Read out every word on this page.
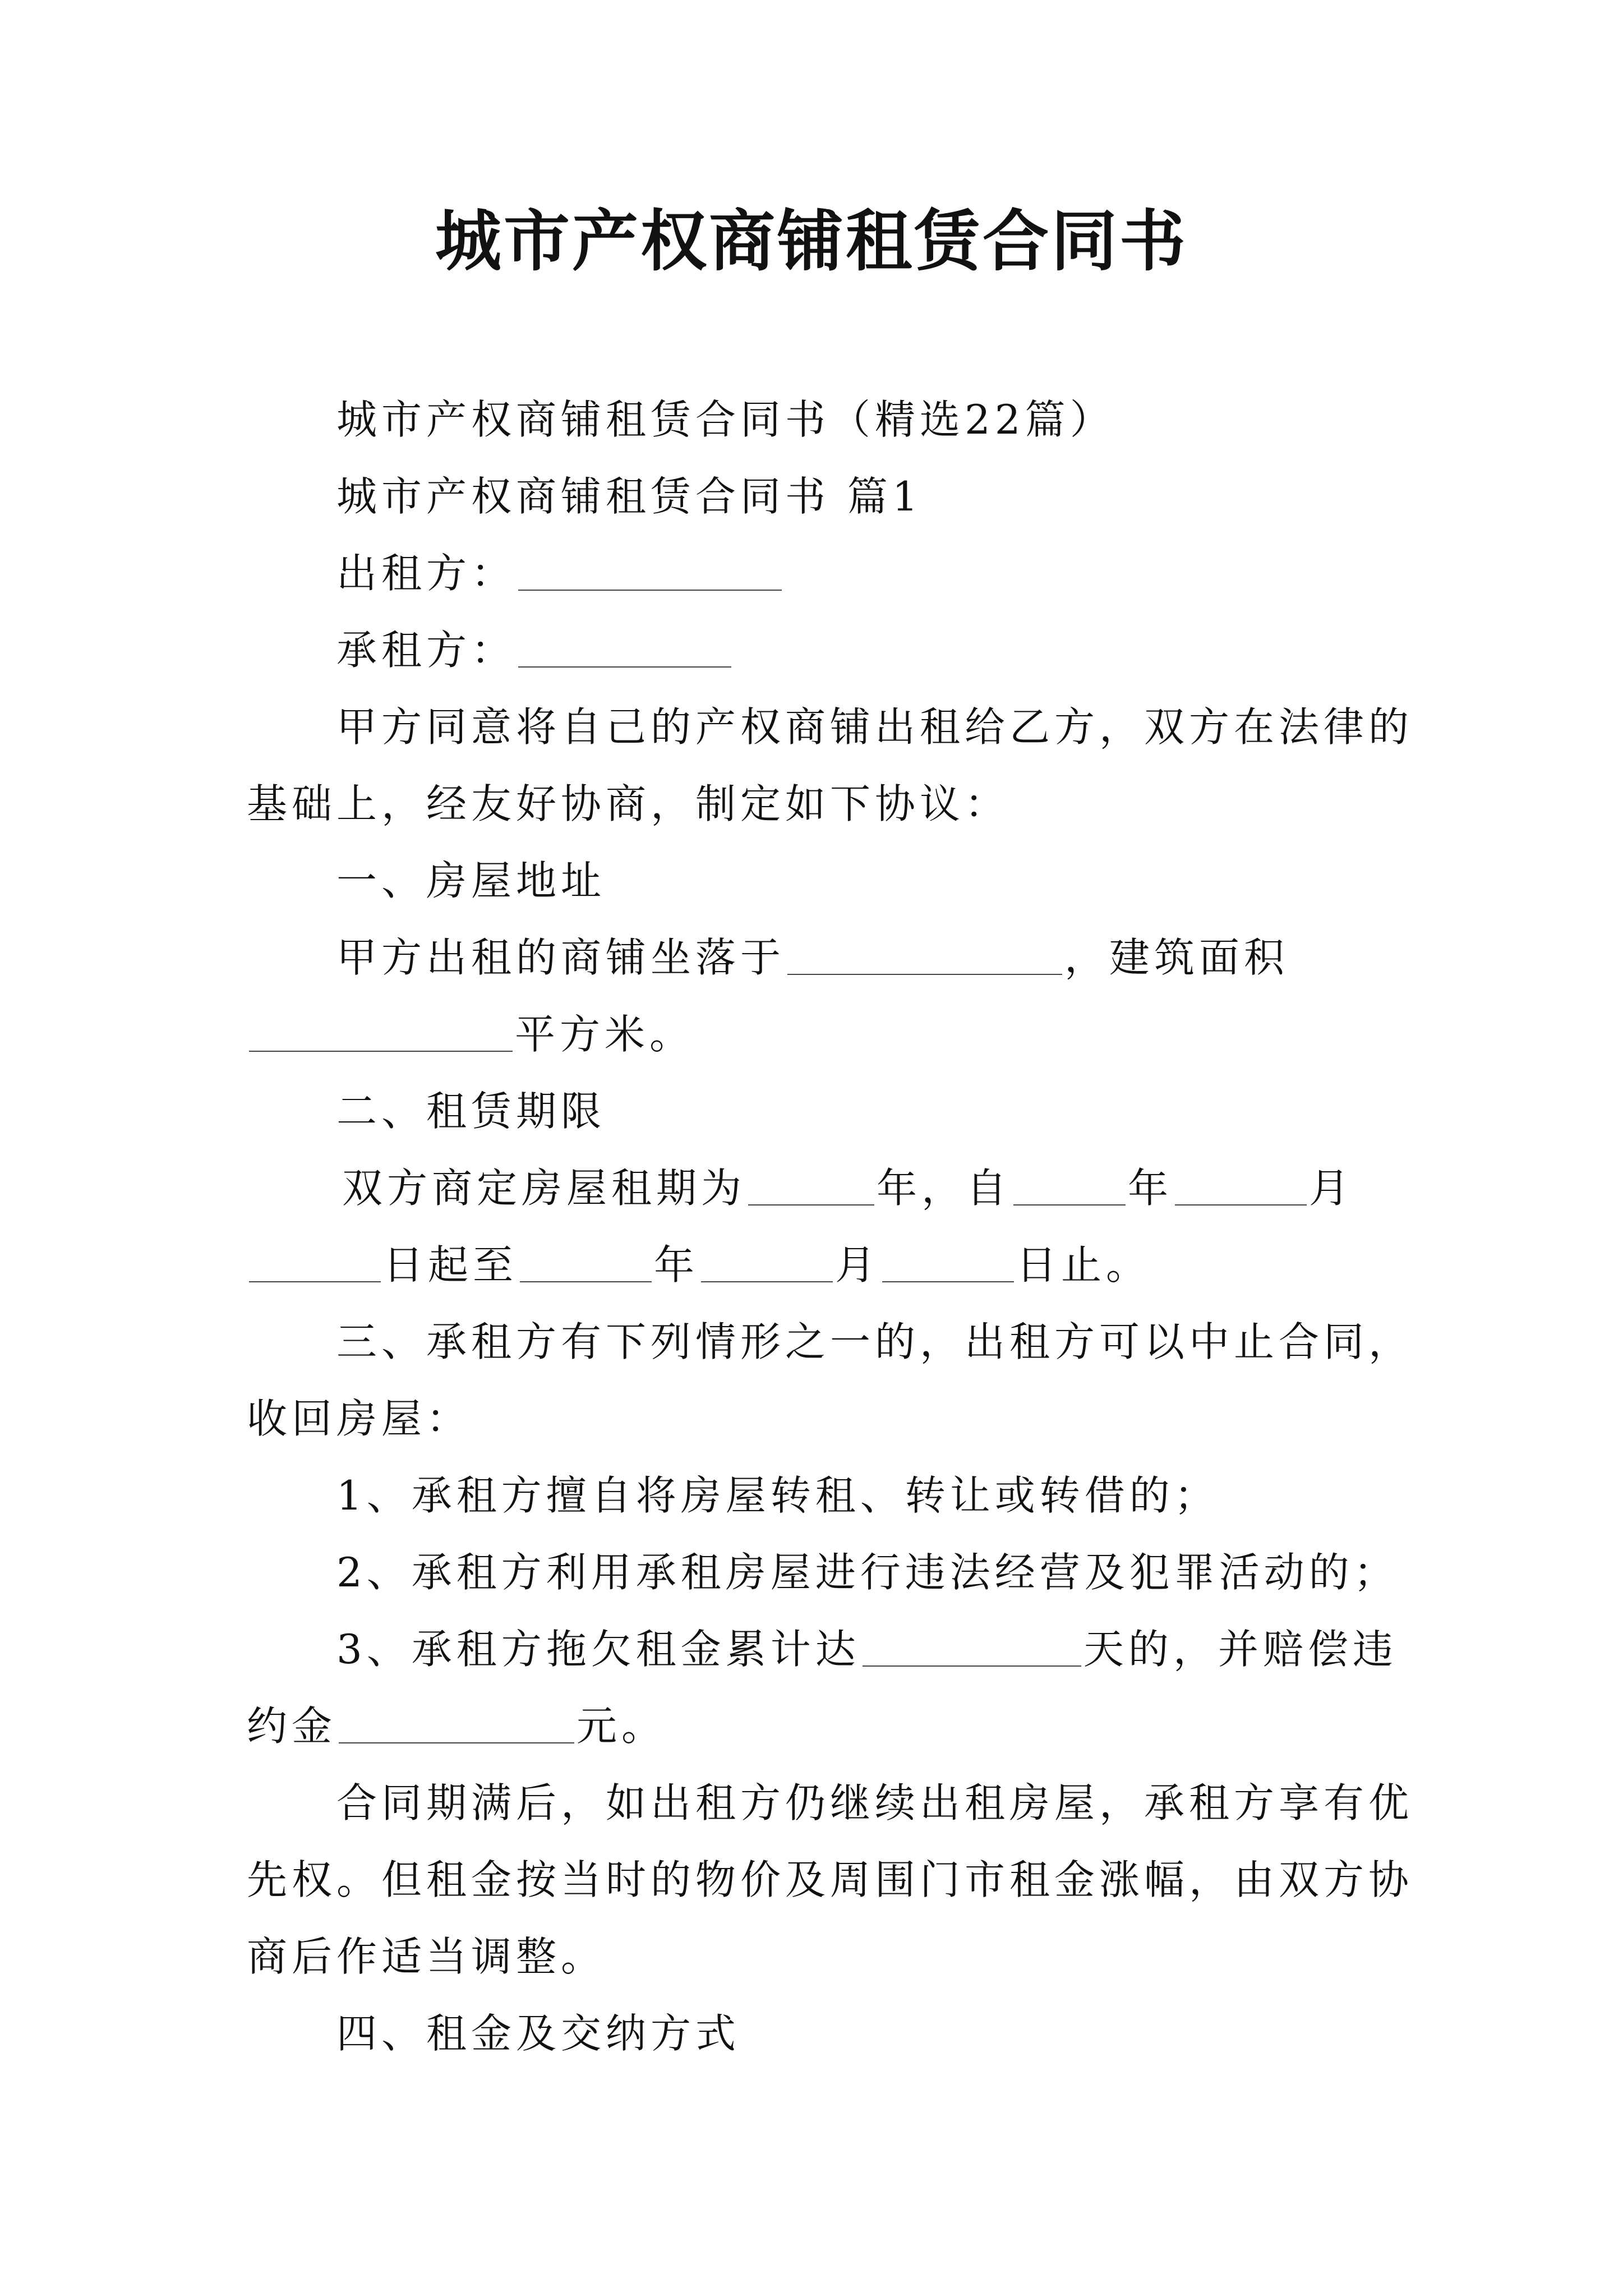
城市产权商铺租赁合同书

城市产权商铺租赁合同书（精选22篇）

城市产权商铺租赁合同书 篇1

出租方：

承租方：

甲方同意将自己的产权商铺出租给乙方，双方在法律的

基础上，经友好协商，制定如下协议：

一、房屋地址

甲方出租的商铺坐落于	，建筑面积

平方米。

二、租赁期限

双方商定房屋租期为	年，自	年	月

日起至	年	月	日止。

三、承租方有下列情形之一的，出租方可以中止合同，

收回房屋：

1、承租方擅自将房屋转租、转让或转借的；

2、承租方利用承租房屋进行违法经营及犯罪活动的；

3、承租方拖欠租金累计达	天的，并赔偿违

约金	元。

合同期满后，如出租方仍继续出租房屋，承租方享有优

先权。但租金按当时的物价及周围门市租金涨幅，由双方协

商后作适当调整。

四、租金及交纳方式
